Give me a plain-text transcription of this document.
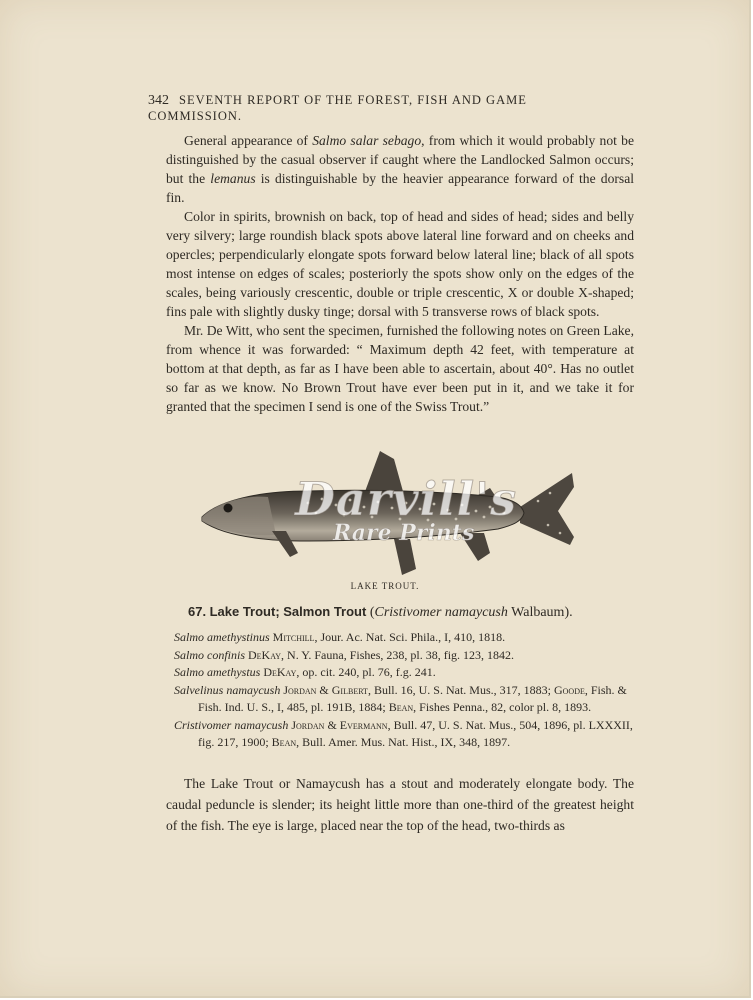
342 SEVENTH REPORT OF THE FOREST, FISH AND GAME COMMISSION.

General appearance of Salmo salar sebago, from which it would probably not be distinguished by the casual observer if caught where the Landlocked Salmon occurs; but the lemanus is distinguishable by the heavier appearance forward of the dorsal fin.

Color in spirits, brownish on back, top of head and sides of head; sides and belly very silvery; large roundish black spots above lateral line forward and on cheeks and opercles; perpendicularly elongate spots forward below lateral line; black of all spots most intense on edges of scales; posteriorly the spots show only on the edges of the scales, being variously crescentic, double or triple crescentic, X or double X-shaped; fins pale with slightly dusky tinge; dorsal with 5 transverse rows of black spots.

Mr. De Witt, who sent the specimen, furnished the following notes on Green Lake, from whence it was forwarded: “ Maximum depth 42 feet, with temperature at bottom at that depth, as far as I have been able to ascertain, about 40°. Has no outlet so far as we know. No Brown Trout have ever been put in it, and we take it for granted that the specimen I send is one of the Swiss Trout.”

Darvill's
Rare Prints
LAKE TROUT.
67. Lake Trout; Salmon Trout (Cristivomer namaycush Walbaum).
Salmo amethystinus Mitchill, Jour. Ac. Nat. Sci. Phila., I, 410, 1818.
Salmo confinis DeKay, N. Y. Fauna, Fishes, 238, pl. 38, fig. 123, 1842.
Salmo amethystus DeKay, op. cit. 240, pl. 76, f.g. 241.
Salvelinus namaycush Jordan & Gilbert, Bull. 16, U. S. Nat. Mus., 317, 1883; Goode, Fish. & Fish. Ind. U. S., I, 485, pl. 191B, 1884; Bean, Fishes Penna., 82, color pl. 8, 1893.
Cristivomer namaycush Jordan & Evermann, Bull. 47, U. S. Nat. Mus., 504, 1896, pl. LXXXII, fig. 217, 1900; Bean, Bull. Amer. Mus. Nat. Hist., IX, 348, 1897.

The Lake Trout or Namaycush has a stout and moderately elongate body. The caudal peduncle is slender; its height little more than one-third of the greatest height of the fish. The eye is large, placed near the top of the head, two-thirds as
